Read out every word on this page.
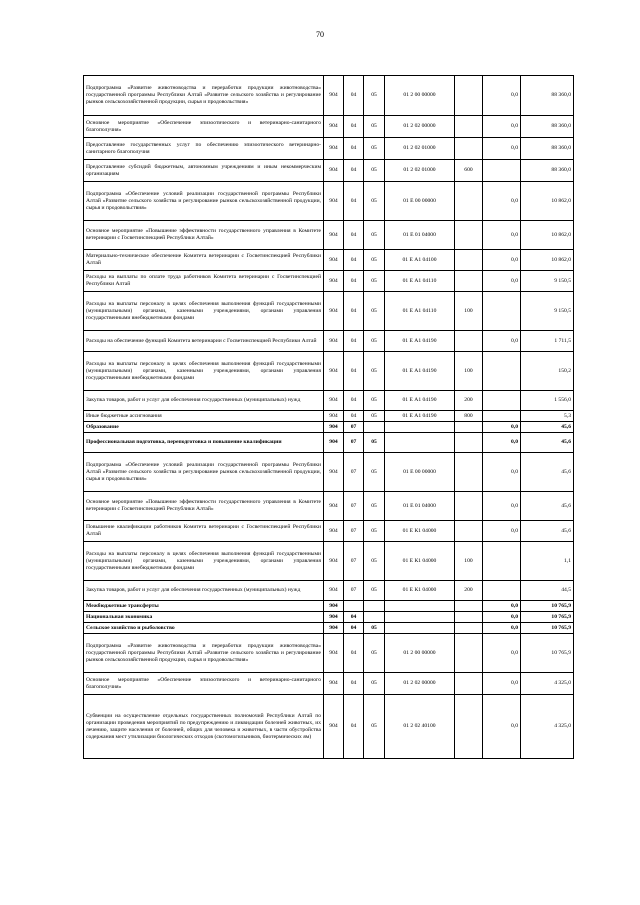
70
Подпрограмма «Развитие животноводства и переработки продукции животноводства» государственной программы Республики Алтай «Развитие сельского хозяйства и регулирование рынков сельскохозяйственной продукции, сырья и продовольствия»	904	04	05	01 2 00 00000		0,0	88 360,0
Основное мероприятие «Обеспечение эпизоотического и ветеринарно-санитарного благополучия»	904	04	05	01 2 02 00000		0,0	88 360,0
Предоставление государственных услуг по обеспечению эпизоотического ветеринарно-санитарного благополучия	904	04	05	01 2 02 01000		0,0	88 360,0
Предоставление субсидий бюджетным, автономным учреждениям и иным некоммерческим организациям	904	04	05	01 2 02 01000	600		88 360,0
Подпрограмма «Обеспечение условий реализации государственной программы Республики Алтай «Развитие сельского хозяйства и регулирование рынков сельскохозяйственной продукции, сырья и продовольствия»	904	04	05	01 Е 00 00000		0,0	10 862,0
Основное мероприятие «Повышение эффективности государственного управления в Комитете ветеринарии с Госветинспекцией Республики Алтай»	904	04	05	01 Е 01 04000		0,0	10 862,0
Материально-техническое обеспечение Комитета ветеринарии с Госветинспекцией Республики Алтай	904	04	05	01 Е А1 04100		0,0	10 862,0
Расходы на выплаты по оплате труда работников Комитета ветеринарии с Госветинспекцией Республики Алтай	904	04	05	01 Е А1 04110		0,0	9 150,5
Расходы на выплаты персоналу в целях обеспечения выполнения функций государственными (муниципальными) органами, казенными учреждениями, органами управления государственными внебюджетными фондами	904	04	05	01 Е А1 04110	100		9 150,5
Расходы на обеспечение функций Комитета ветеринарии с Госветинспекцией Республики Алтай	904	04	05	01 Е А1 04190		0,0	1 711,5
Расходы на выплаты персоналу в целях обеспечения выполнения функций государственными (муниципальными) органами, казенными учреждениями, органами управления государственными внебюджетными фондами	904	04	05	01 Е А1 04190	100		150,2
Закупка товаров, работ и услуг для обеспечения государственных (муниципальных) нужд	904	04	05	01 Е А1 04190	200		1 556,0
Иные бюджетные ассигнования	904	04	05	01 Е А1 04190	800		5,3
Образование	904	07				0,0	45,6
Профессиональная подготовка, переподготовка и повышение квалификации	904	07	05			0,0	45,6
Подпрограмма «Обеспечение условий реализации государственной программы Республики Алтай «Развитие сельского хозяйства и регулирование рынков сельскохозяйственной продукции, сырья и продовольствия»	904	07	05	01 Е 00 00000		0,0	45,6
Основное мероприятие «Повышение эффективности государственного управления в Комитете ветеринарии с Госветинспекцией Республики Алтай»	904	07	05	01 Е 01 04000		0,0	45,6
Повышение квалификации работников Комитета ветеринарии с Госветинспекцией Республики Алтай	904	07	05	01 Е К1 04000		0,0	45,6
Расходы на выплаты персоналу в целях обеспечения выполнения функций государственными (муниципальными) органами, казенными учреждениями, органами управления государственными внебюджетными фондами	904	07	05	01 Е К1 04000	100		1,1
Закупка товаров, работ и услуг для обеспечения государственных (муниципальных) нужд	904	07	05	01 Е К1 04000	200		44,5
Межбюджетные трансферты	904					0,0	10 765,9
Национальная экономика	904	04				0,0	10 765,9
Сельское хозяйство и рыболовство	904	04	05			0,0	10 765,9
Подпрограмма «Развитие животноводства и переработки продукции животноводства» государственной программы Республики Алтай «Развитие сельского хозяйства и регулирование рынков сельскохозяйственной продукции, сырья и продовольствия»	904	04	05	01 2 00 00000		0,0	10 765,9
Основное мероприятие «Обеспечение эпизоотического и ветеринарно-санитарного благополучия»	904	04	05	01 2 02 00000		0,0	4 325,0
Субвенции на осуществление отдельных государственных полномочий Республики Алтай по организации проведения мероприятий по предупреждению и ликвидации болезней животных, их лечению, защите населения от болезней, общих для человека и животных, в части обустройства содержания мест утилизации биологических отходов (скотомогильников, биотермических ям)	904	04	05	01 2 02 40100		0,0	4 325,0
